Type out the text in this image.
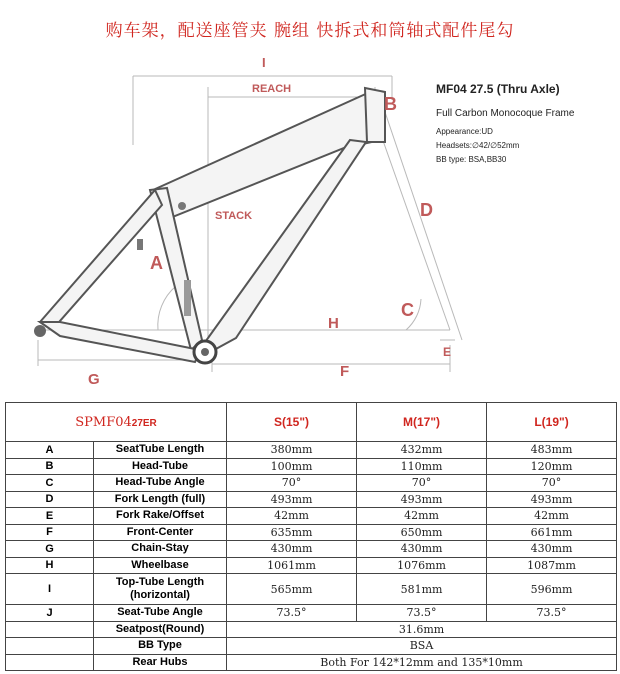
购车架，配送座管夹 腕组 快拆式和筒轴式配件尾勾
I
REACH
B
D
STACK
A
C
H
E
G	F
MF04 27.5 (Thru Axle)
Full Carbon Monocoque Frame
Appearance:UD
Headsets:∅42/∅52mm
BB type: BSA,BB30
SPMF0427ER		S(15")	M(17")	L(19")
A	SeatTube Length	380mm	432mm	483mm
B	Head-Tube	100mm	110mm	120mm
C	Head-Tube Angle	70°	70°	70°
D	Fork Length (full)	493mm	493mm	493mm
E	Fork Rake/Offset	42mm	42mm	42mm
F	Front-Center	635mm	650mm	661mm
G	Chain-Stay	430mm	430mm	430mm
H	Wheelbase	1061mm	1076mm	1087mm
I	Top-Tube Length (horizontal)	565mm	581mm	596mm
J	Seat-Tube Angle	73.5°	73.5°	73.5°
	Seatpost(Round)	31.6mm		
	BB Type	BSA		
	Rear Hubs	Both For 142*12mm and 135*10mm		
